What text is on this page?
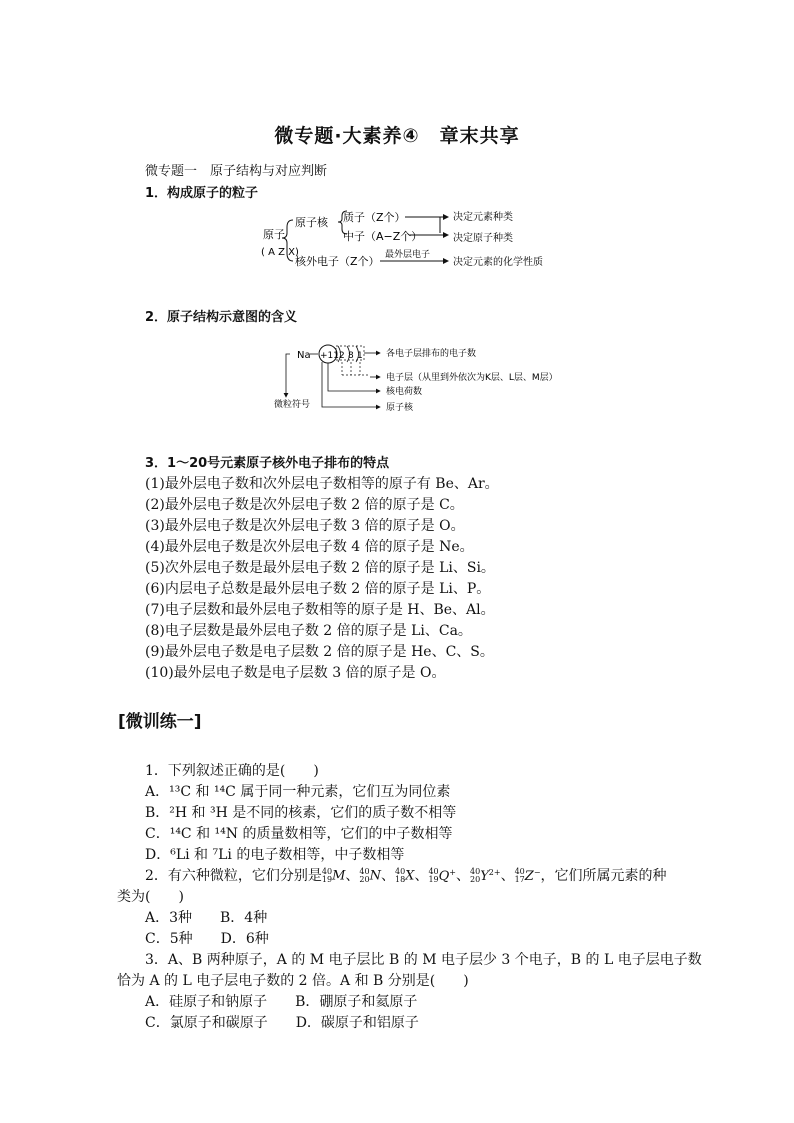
微专题·大素养④　章末共享
微专题一　原子结构与对应判断
1．构成原子的粒子
原子
( A Z X)
原子核
核外电子（Z个）
质子（Z个）
中子（A−Z个）
决定元素种类
决定原子种类
最外层电子
决定元素的化学性质
2．原子结构示意图的含义
Na +11 2 8 1	各电子层排布的电子数
电子层（从里到外依次为K层、L层、M层）
核电荷数
原子核
微粒符号
3．1～20号元素原子核外电子排布的特点
(1)最外层电子数和次外层电子数相等的原子有 Be、Ar。
(2)最外层电子数是次外层电子数 2 倍的原子是 C。
(3)最外层电子数是次外层电子数 3 倍的原子是 O。
(4)最外层电子数是次外层电子数 4 倍的原子是 Ne。
(5)次外层电子数是最外层电子数 2 倍的原子是 Li、Si。
(6)内层电子总数是最外层电子数 2 倍的原子是 Li、P。
(7)电子层数和最外层电子数相等的原子是 H、Be、Al。
(8)电子层数是最外层电子数 2 倍的原子是 Li、Ca。
(9)最外层电子数是电子层数 2 倍的原子是 He、C、S。
(10)最外层电子数是电子层数 3 倍的原子是 O。
[微训练一]
1．下列叙述正确的是(　　)
A．¹³C 和 ¹⁴C 属于同一种元素，它们互为同位素
B．²H 和 ³H 是不同的核素，它们的质子数不相等
C．¹⁴C 和 ¹⁴N 的质量数相等，它们的中子数相等
D．⁶Li 和 ⁷Li 的电子数相等，中子数相等
2．有六种微粒，它们分别是 40
19 M、 40
20 N、 40
18 X、 40
19 Q+、 40
20 $Y^{2+}$、 40
17 Z−，它们所属元素的种
类为(　　)
A．3种　　B．4种
C．5种　　D．6种
3．A、B 两种原子，A 的 M 电子层比 B 的 M 电子层少 3 个电子，B 的 L 电子层电子数
恰为 A 的 L 电子层电子数的 2 倍。A 和 B 分别是(　　)
A．硅原子和钠原子　　B．硼原子和氦原子
C．氯原子和碳原子　　D．碳原子和铝原子
